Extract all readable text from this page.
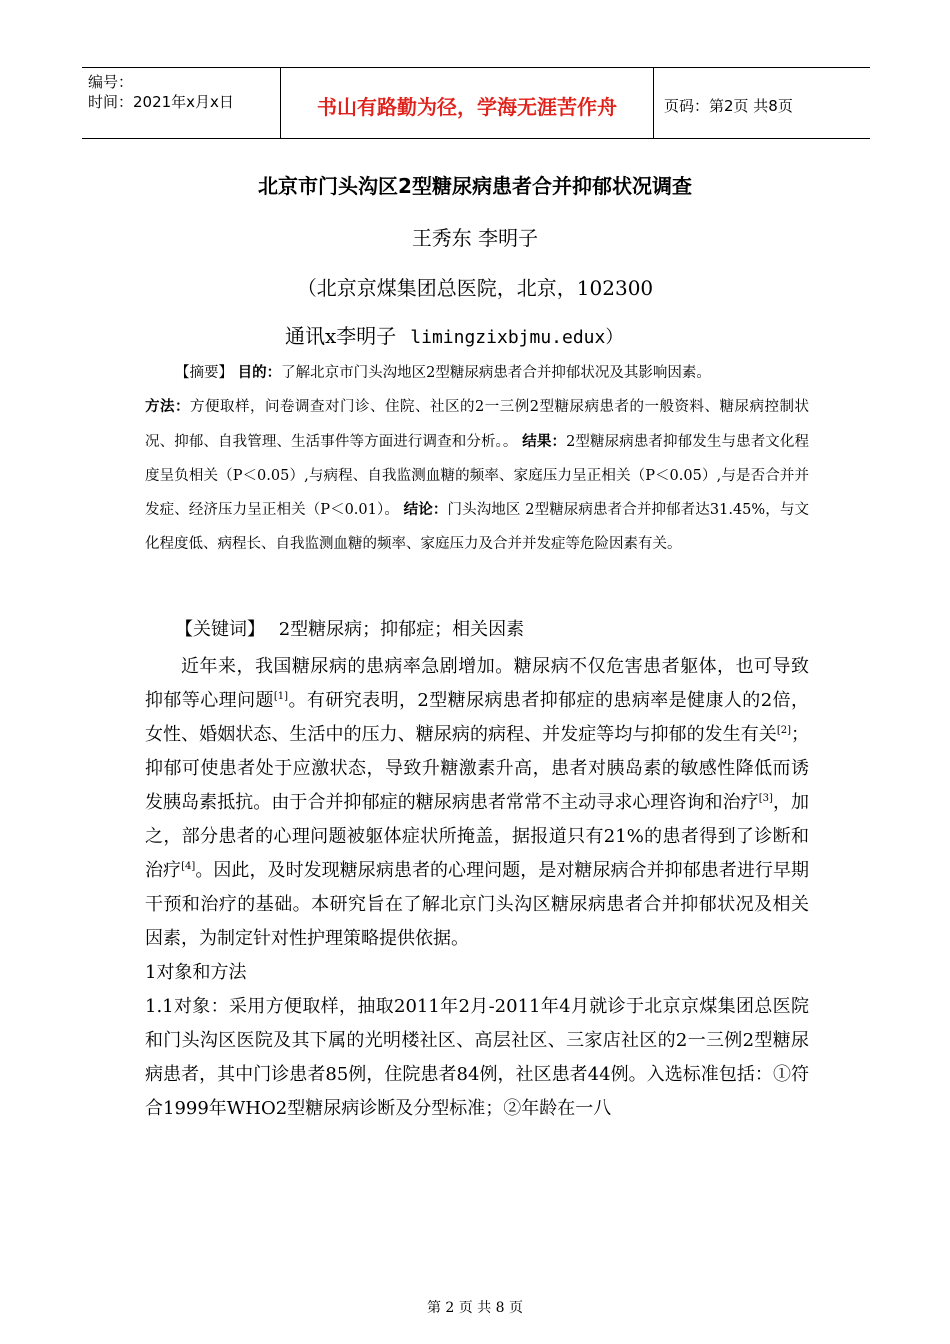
编号：
时间：2021年x月x日	书山有路勤为径，学海无涯苦作舟	页码：第2页 共8页
北京市门头沟区2型糖尿病患者合并抑郁状况调查
王秀东 李明子
（北京京煤集团总医院，北京，102300
通讯x李明子 limingzixbjmu.edux）
【摘要】 目的：了解北京市门头沟地区2型糖尿病患者合并抑郁状况及其影响因素。
方法：方便取样，问卷调查对门诊、住院、社区的2一三例2型糖尿病患者的一般资料、糖尿病控制状况、抑郁、自我管理、生活事件等方面进行调查和分析。。 结果：2型糖尿病患者抑郁发生与患者文化程度呈负相关（P＜0.05）,与病程、自我监测血糖的频率、家庭压力呈正相关（P＜0.05）,与是否合并并发症、经济压力呈正相关（P＜0.01）。 结论：门头沟地区 2型糖尿病患者合并抑郁者达31.45%，与文化程度低、病程长、自我监测血糖的频率、家庭压力及合并并发症等危险因素有关。
【关键词】 2型糖尿病；抑郁症；相关因素
近年来，我国糖尿病的患病率急剧增加。糖尿病不仅危害患者躯体，也可导致抑郁等心理问题[1]。有研究表明，2型糖尿病患者抑郁症的患病率是健康人的2倍，女性、婚姻状态、生活中的压力、糖尿病的病程、并发症等均与抑郁的发生有关[2]；抑郁可使患者处于应激状态，导致升糖激素升高，患者对胰岛素的敏感性降低而诱发胰岛素抵抗。由于合并抑郁症的糖尿病患者常常不主动寻求心理咨询和治疗[3]，加之，部分患者的心理问题被躯体症状所掩盖，据报道只有21%的患者得到了诊断和治疗[4]。因此，及时发现糖尿病患者的心理问题，是对糖尿病合并抑郁患者进行早期干预和治疗的基础。本研究旨在了解北京门头沟区糖尿病患者合并抑郁状况及相关因素，为制定针对性护理策略提供依据。
1对象和方法
1.1对象：采用方便取样，抽取2011年2月-2011年4月就诊于北京京煤集团总医院和门头沟区医院及其下属的光明楼社区、高层社区、三家店社区的2一三例2型糖尿病患者，其中门诊患者85例，住院患者84例，社区患者44例。入选标准包括：①符合1999年WHO2型糖尿病诊断及分型标准；②年龄在一八
第 2 页 共 8 页
